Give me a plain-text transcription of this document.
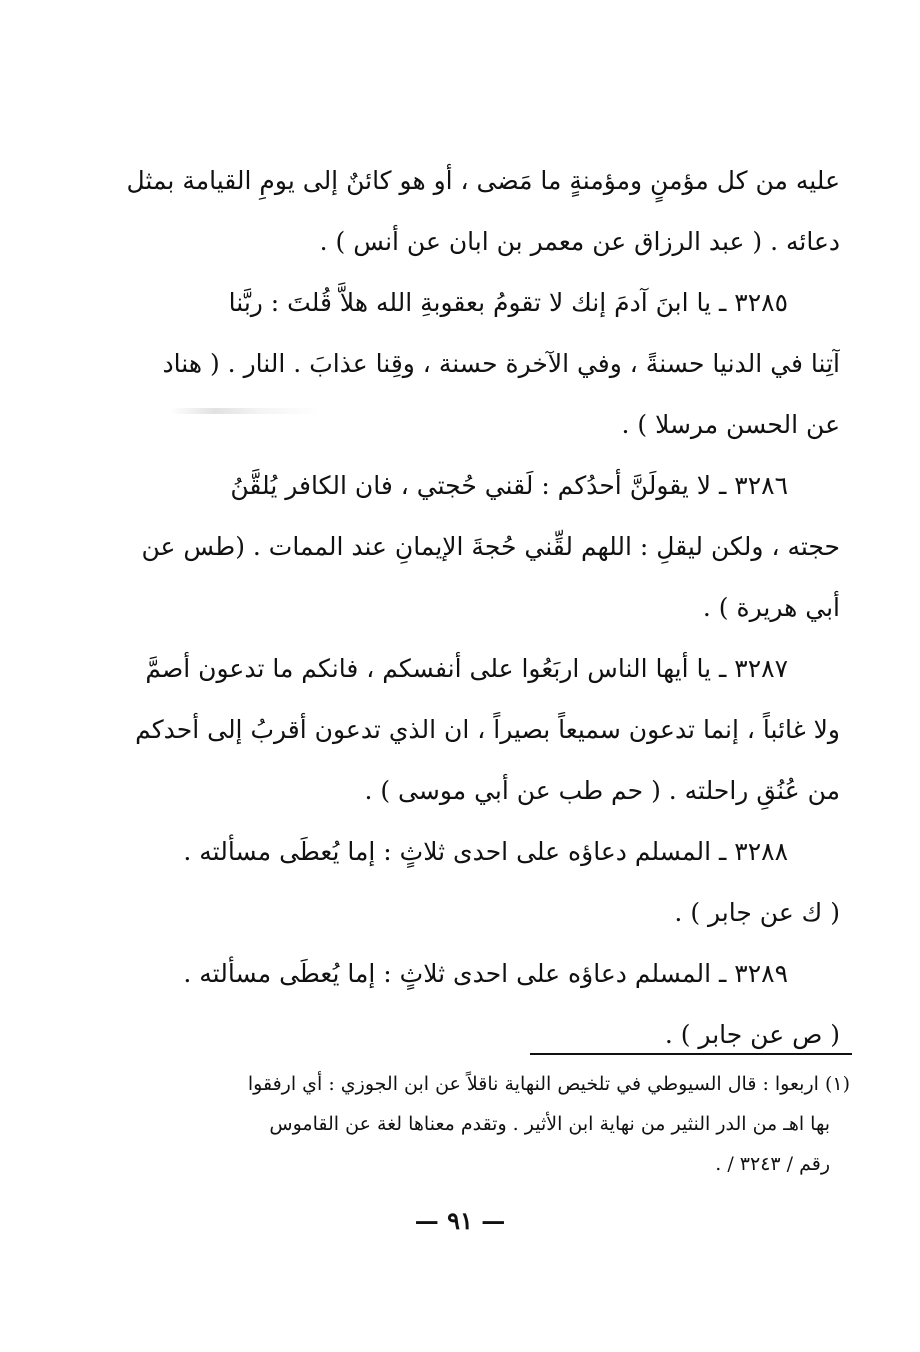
عليه من كل مؤمنٍ ومؤمنةٍ ما مَضى ، أو هو كائنٌ إلى يومِ القيامة بمثل
دعائه . ( عبد الرزاق عن معمر بن ابان عن أنس ) .
٣٢٨٥ ـ يا ابنَ آدمَ إنك لا تقومُ بعقوبةِ الله هلاَّ قُلتَ : ربَّنا
آتِنا في الدنيا حسنةً ، وفي الآخرة حسنة ، وقِنا عذابَ . النار . ( هناد
عن الحسن مرسلا ) .
٣٢٨٦ ـ لا يقولَنَّ أحدُكم : لَقني حُجتي ، فان الكافر يُلقَّنُ
حجته ، ولكن ليقلِ : اللهم لقِّني حُجةَ الإيمانِ عند الممات . (طس عن
أبي هريرة ) .
٣٢٨٧ ـ يا أيها الناس اربَعُوا على أنفسكم ، فانكم ما تدعون أصمَّ
ولا غائباً ، إنما تدعون سميعاً بصيراً ، ان الذي تدعون أقربُ إلى أحدكم
من عُنُقِ راحلته . ( حم طب عن أبي موسى ) .
٣٢٨٨ ـ المسلم دعاؤه على احدى ثلاثٍ : إما يُعطَى مسألته .
( ك عن جابر ) .
٣٢٨٩ ـ المسلم دعاؤه على احدى ثلاثٍ : إما يُعطَى مسألته .
( ص عن جابر ) .
(١) اربعوا : قال السيوطي في تلخيص النهاية ناقلاً عن ابن الجوزي : أي ارفقوا
بها اهـ من الدر النثير من نهاية ابن الأثير . وتقدم معناها لغة عن القاموس
رقم / ٣٢٤٣ / .
— ٩١ —
